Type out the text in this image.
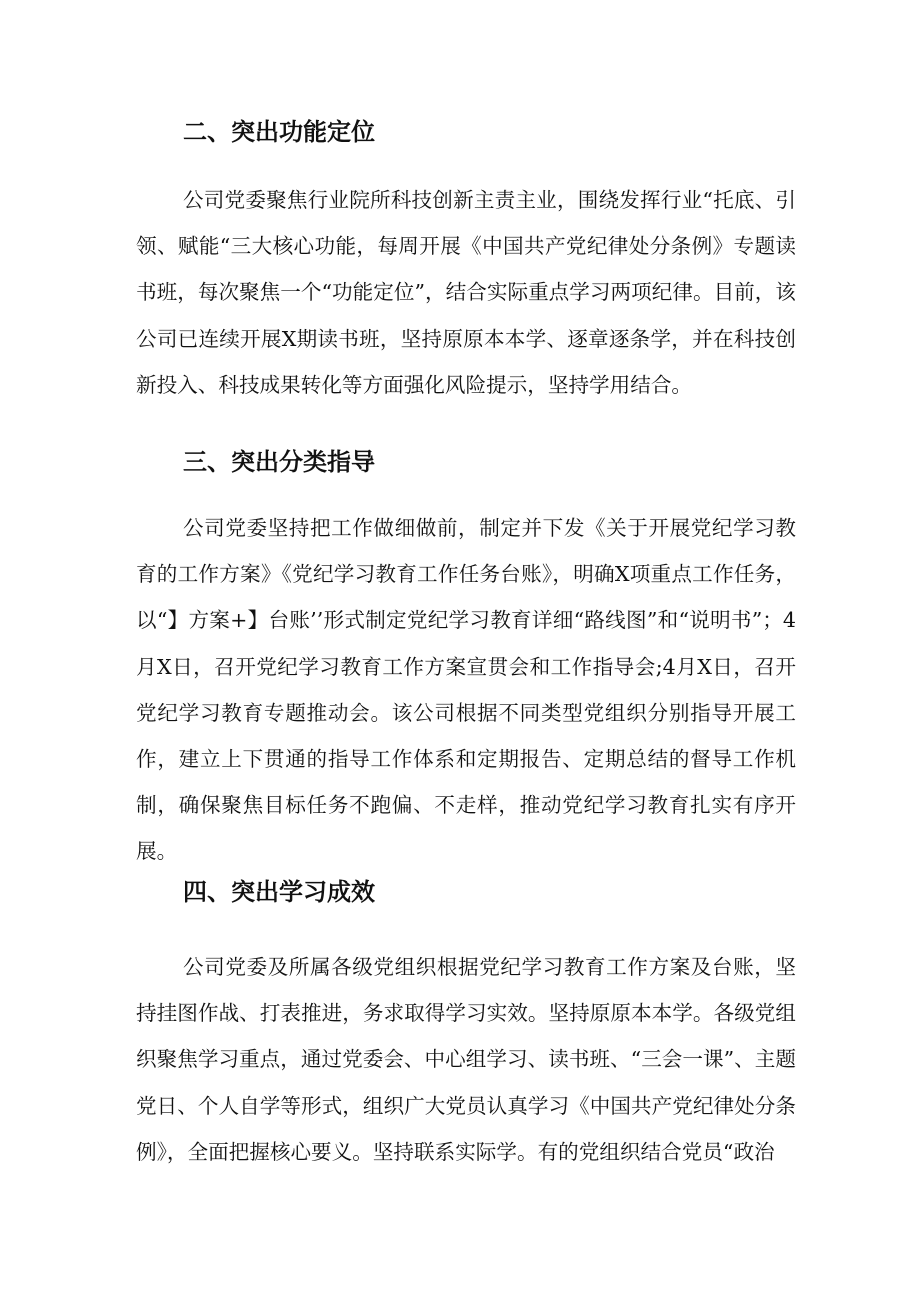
二、突出功能定位

公司党委聚焦行业院所科技创新主责主业，围绕发挥行业“托底、引领、赋能“三大核心功能，每周开展《中国共产党纪律处分条例》专题读书班，每次聚焦一个“功能定位”，结合实际重点学习两项纪律。目前，该公司已连续开展X期读书班，坚持原原本本学、逐章逐条学，并在科技创新投入、科技成果转化等方面强化风险提示，坚持学用结合。

三、突出分类指导

公司党委坚持把工作做细做前，制定并下发《关于开展党纪学习教育的工作方案》《党纪学习教育工作任务台账》，明确X项重点工作任务，以“】方案+】台账’’形式制定党纪学习教育详细“路线图”和“说明书”；4月X日，召开党纪学习教育工作方案宣贯会和工作指导会;4月X日，召开党纪学习教育专题推动会。该公司根据不同类型党组织分别指导开展工作，建立上下贯通的指导工作体系和定期报告、定期总结的督导工作机制，确保聚焦目标任务不跑偏、不走样，推动党纪学习教育扎实有序开展。

四、突出学习成效

公司党委及所属各级党组织根据党纪学习教育工作方案及台账，坚持挂图作战、打表推进，务求取得学习实效。坚持原原本本学。各级党组织聚焦学习重点，通过党委会、中心组学习、读书班、“三会一课”、主题党日、个人自学等形式，组织广大党员认真学习《中国共产党纪律处分条例》，全面把握核心要义。坚持联系实际学。有的党组织结合党员“政治
